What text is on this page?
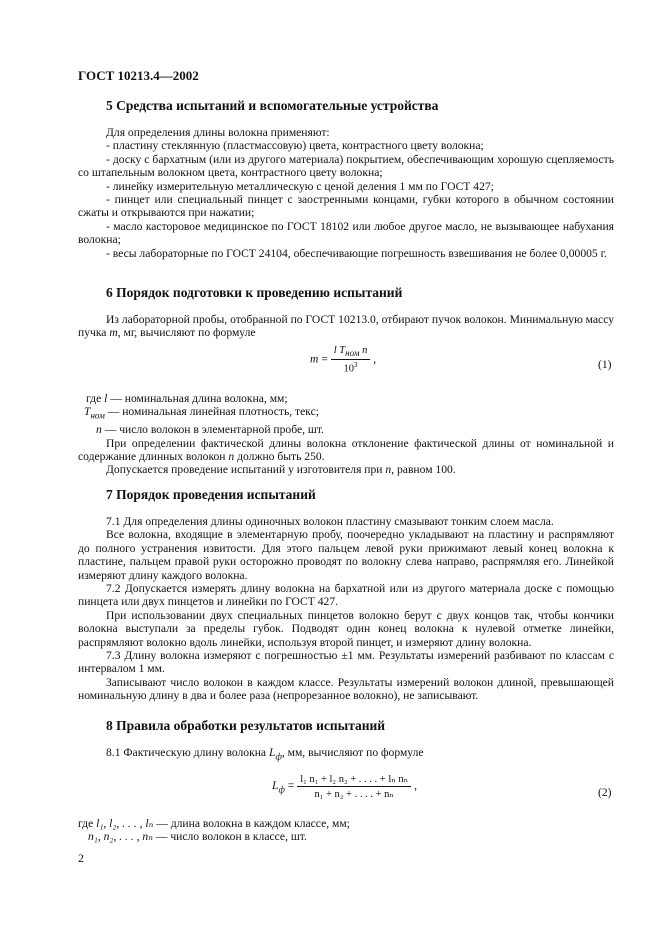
ГОСТ 10213.4—2002
5 Средства испытаний и вспомогательные устройства

Для определения длины волокна применяют:

- пластину стеклянную (пластмассовую) цвета, контрастного цвету волокна;

- доску с бархатным (или из другого материала) покрытием, обеспечивающим хорошую сцепляемость со штапельным волокном цвета, контрастного цвету волокна;

- линейку измерительную металлическую с ценой деления 1 мм по ГОСТ 427;

- пинцет или специальный пинцет с заостренными концами, губки которого в обычном состоянии сжаты и открываются при нажатии;

- масло касторовое медицинское по ГОСТ 18102 или любое другое масло, не вызывающее набухания волокна;

- весы лабораторные по ГОСТ 24104, обеспечивающие погрешность взвешивания не более 0,00005 г.

6 Порядок подготовки к проведению испытаний

Из лабораторной пробы, отобранной по ГОСТ 10213.0, отбирают пучок волокон. Минимальную массу пучка m, мг, вычисляют по формуле

$m = \frac{\text{l Tном n}}{10^3}$ ,	(1)

где l — номинальная длина волокна, мм;

$T_{ном}$ — номинальная линейная плотность, текс;

n — число волокон в элементарной пробе, шт.

При определении фактической длины волокна отклонение фактической длины от номинальной и содержание длинных волокон n должно быть 250.

Допускается проведение испытаний у изготовителя при n, равном 100.

7 Порядок проведения испытаний

7.1 Для определения длины одиночных волокон пластину смазывают тонким слоем масла.

Все волокна, входящие в элементарную пробу, поочередно укладывают на пластину и распрямляют до полного устранения извитости. Для этого пальцем левой руки прижимают левый конец волокна к пластине, пальцем правой руки осторожно проводят по волокну слева направо, распрямляя его. Линейкой измеряют длину каждого волокна.

7.2 Допускается измерять длину волокна на бархатной или из другого материала доске с помощью пинцета или двух пинцетов и линейки по ГОСТ 427.

При использовании двух специальных пинцетов волокно берут с двух концов так, чтобы кончики волокна выступали за пределы губок. Подводят один конец волокна к нулевой отметке линейки, распрямляют волокно вдоль линейки, используя второй пинцет, и измеряют длину волокна.

7.3 Длину волокна измеряют с погрешностью ±1 мм. Результаты измерений разбивают по классам с интервалом 1 мм.

Записывают число волокон в каждом классе. Результаты измерений волокон длиной, превышающей номинальную длину в два и более раза (непрорезанное волокно), не записывают.

8 Правила обработки результатов испытаний

8.1 Фактическую длину волокна $L_ф$, мм, вычисляют по формуле

$L_ф = \frac{\text{l₁ n₁ + l₂ n₂ + . . . . + lₙ nₙ}}{\text{n₁ + n₂ + . . . . + nₙ}}$ ,
(2)

где l₁, l₂, . . . , lₙ — длина волокна в каждом классе, мм;

n₁, n₂, . . . , nₙ — число волокон в классе, шт.

2
